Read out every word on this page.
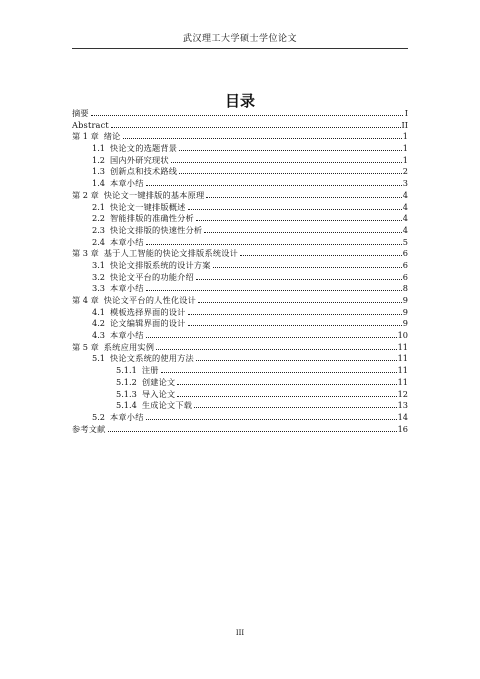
武汉理工大学硕士学位论文
目录
摘要	I
Abstract	II
第 1 章 绪论	1
1.1 快论文的选题背景	1
1.2 国内外研究现状	1
1.3 创新点和技术路线	2
1.4 本章小结	3
第 2 章 快论文一键排版的基本原理	4
2.1 快论文一键排版概述	4
2.2 智能排版的准确性分析	4
2.3 快论文排版的快速性分析	4
2.4 本章小结	5
第 3 章 基于人工智能的快论文排版系统设计	6
3.1 快论文排版系统的设计方案	6
3.2 快论文平台的功能介绍	6
3.3 本章小结	8
第 4 章 快论文平台的人性化设计	9
4.1 模板选择界面的设计	9
4.2 论文编辑界面的设计	9
4.3 本章小结	10
第 5 章 系统应用实例	11
5.1 快论文系统的使用方法	11
5.1.1 注册	11
5.1.2 创建论文	11
5.1.3 导入论文	12
5.1.4 生成论文下载	13
5.2 本章小结	14
参考文献	16
III
